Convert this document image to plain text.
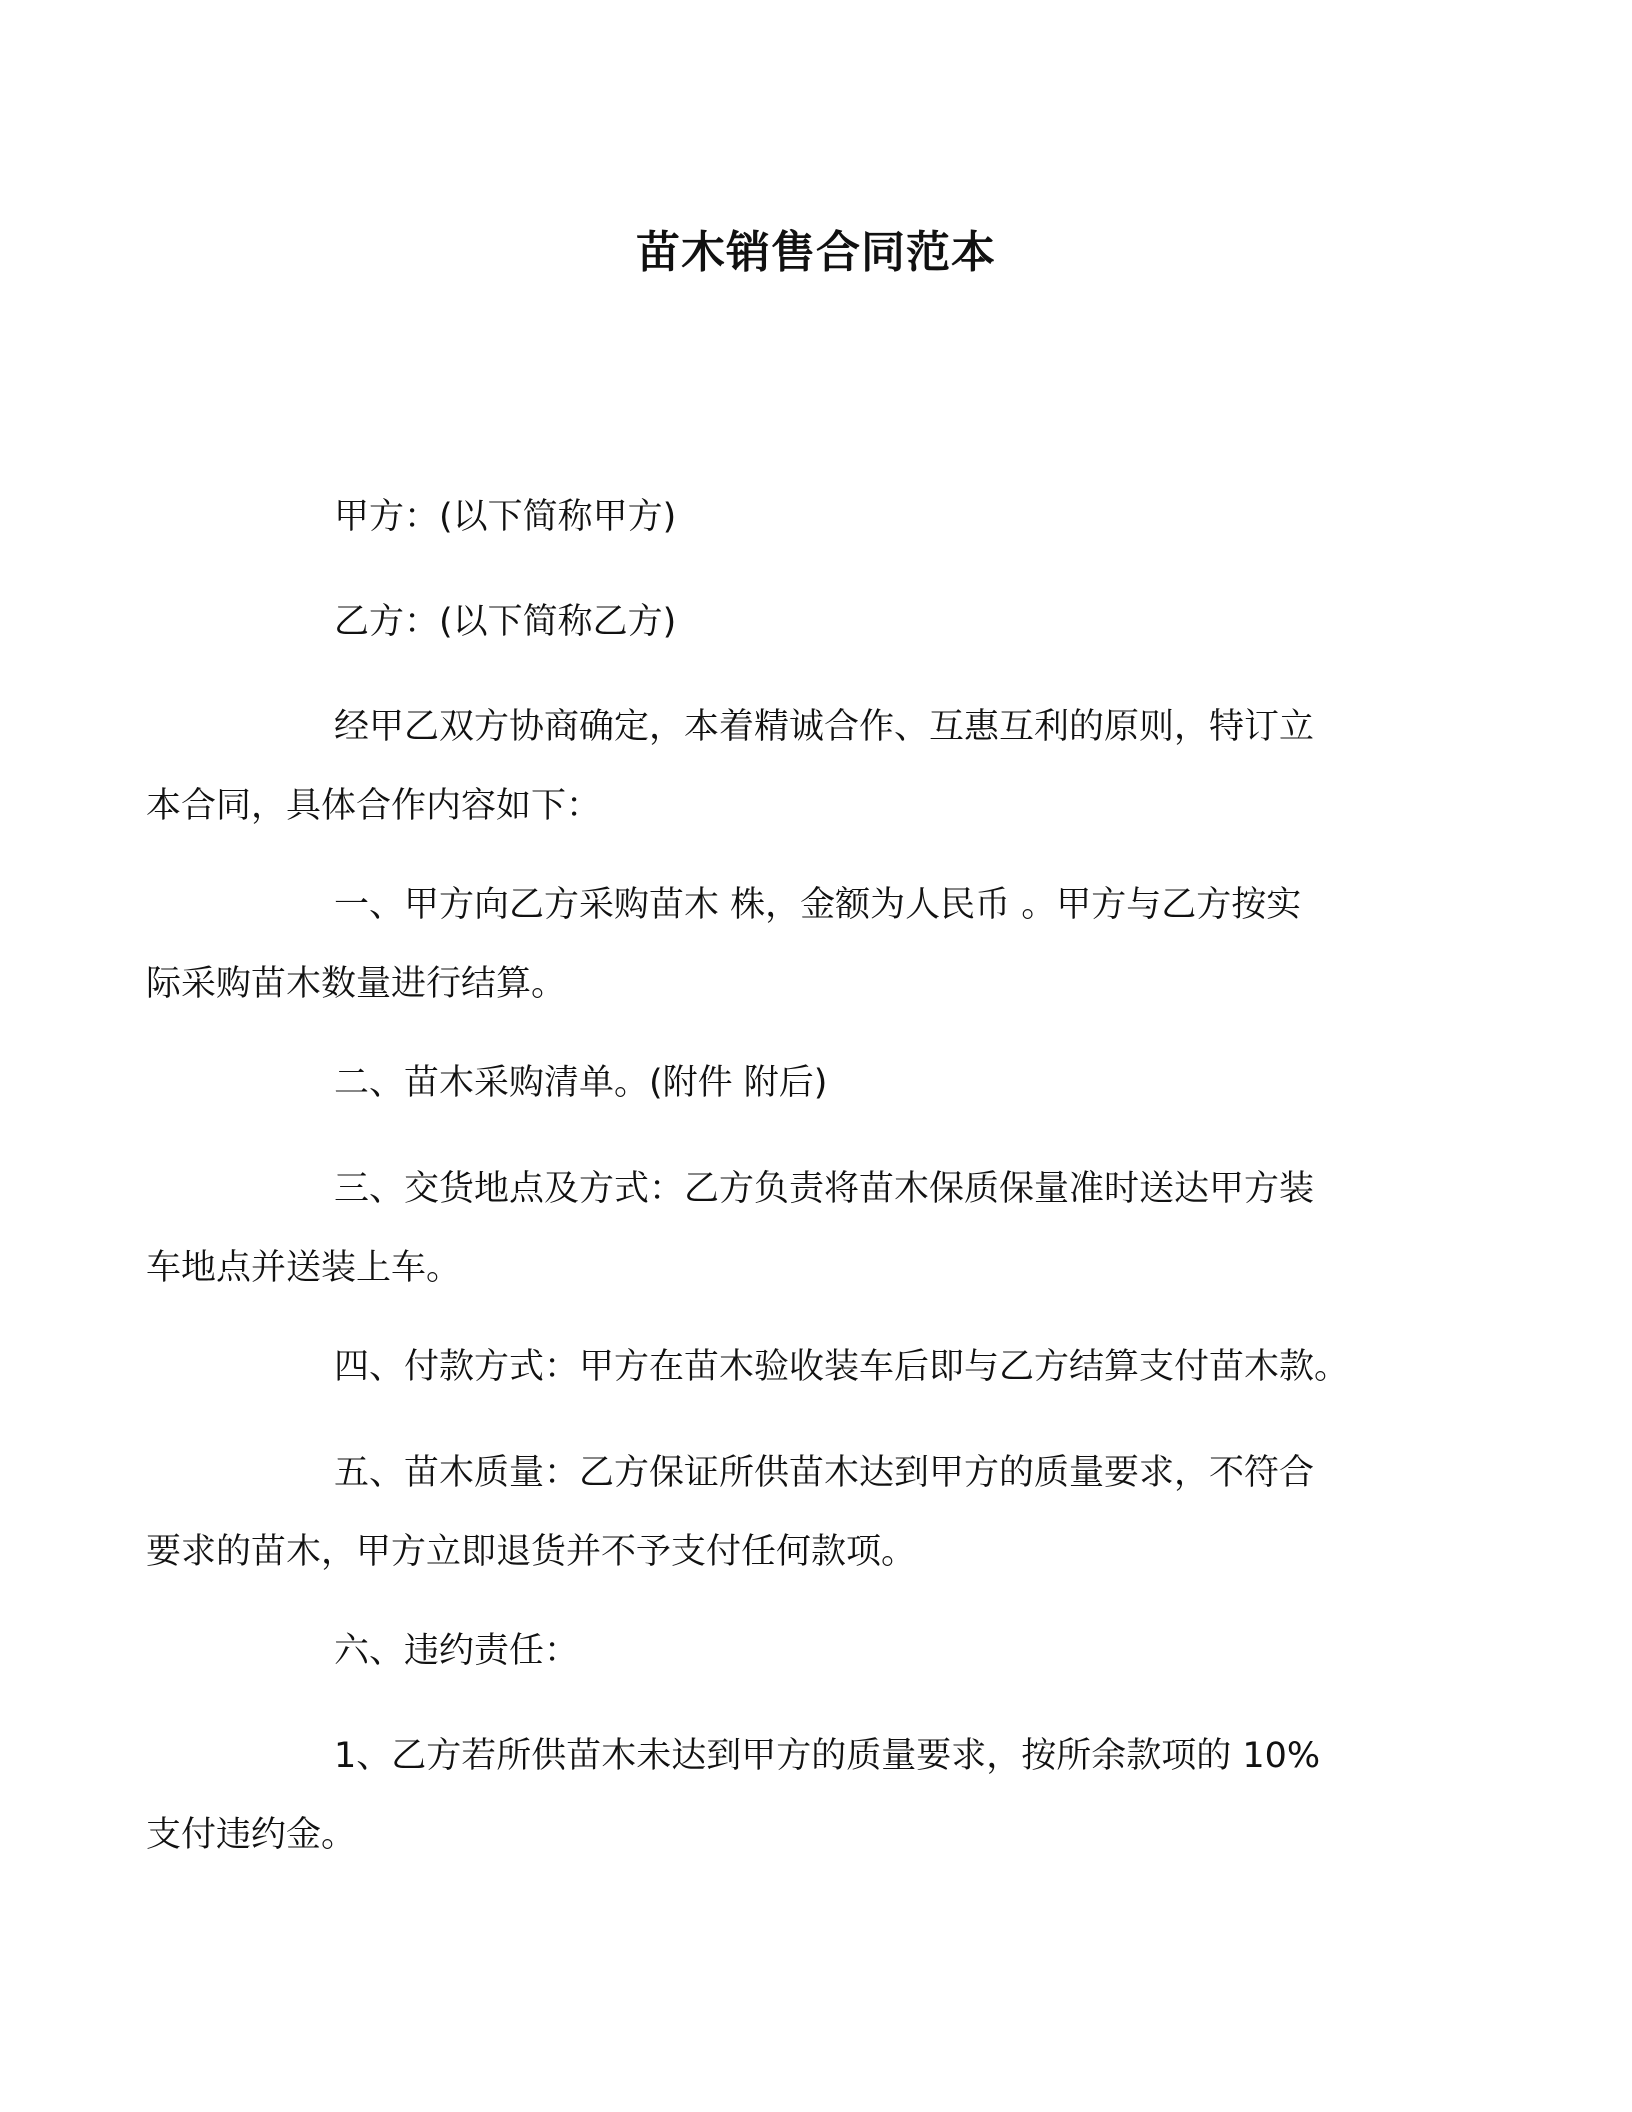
苗木销售合同范本

甲方：(以下简称甲方)

乙方：(以下简称乙方)

经甲乙双方协商确定，本着精诚合作、互惠互利的原则，特订立
本合同，具体合作内容如下：

一、甲方向乙方采购苗木 株，金额为人民币 。甲方与乙方按实
际采购苗木数量进行结算。

二、苗木采购清单。(附件 附后)

三、交货地点及方式：乙方负责将苗木保质保量准时送达甲方装
车地点并送装上车。

四、付款方式：甲方在苗木验收装车后即与乙方结算支付苗木款。

五、苗木质量：乙方保证所供苗木达到甲方的质量要求，不符合
要求的苗木，甲方立即退货并不予支付任何款项。

六、违约责任：

1、乙方若所供苗木未达到甲方的质量要求，按所余款项的 10%
支付违约金。
